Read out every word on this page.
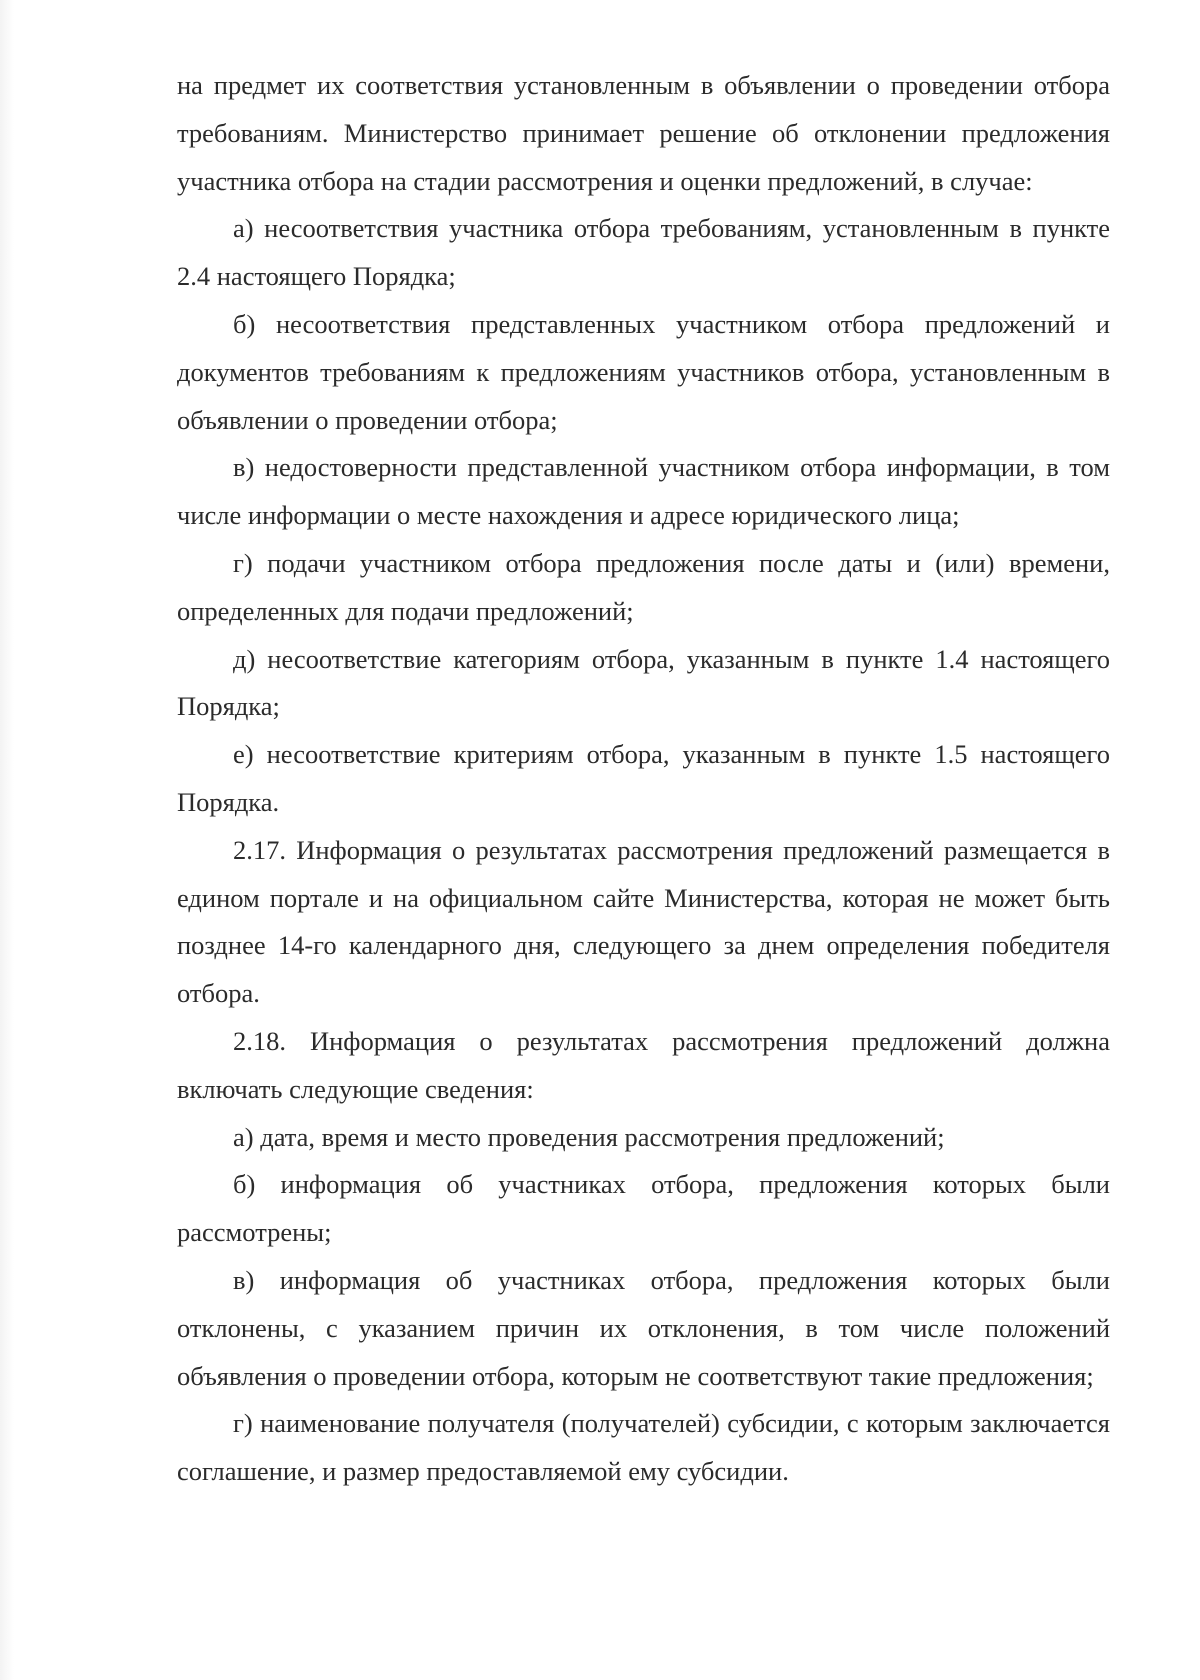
на предмет их соответствия установленным в объявлении о проведении отбора требованиям. Министерство принимает решение об отклонении предложения участника отбора на стадии рассмотрения и оценки предложений, в случае:

а) несоответствия участника отбора требованиям, установленным в пункте 2.4 настоящего Порядка;

б) несоответствия представленных участником отбора предложений и документов требованиям к предложениям участников отбора, установленным в объявлении о проведении отбора;

в) недостоверности представленной участником отбора информации, в том числе информации о месте нахождения и адресе юридического лица;

г) подачи участником отбора предложения после даты и (или) времени, определенных для подачи предложений;

д) несоответствие категориям отбора, указанным в пункте 1.4 настоящего Порядка;

е) несоответствие критериям отбора, указанным в пункте 1.5 настоящего Порядка.

2.17. Информация о результатах рассмотрения предложений размещается в едином портале и на официальном сайте Министерства, которая не может быть позднее 14-го календарного дня, следующего за днем определения победителя отбора.

2.18. Информация о результатах рассмотрения предложений должна включать следующие сведения:

а) дата, время и место проведения рассмотрения предложений;

б) информация об участниках отбора, предложения которых были рассмотрены;

в) информация об участниках отбора, предложения которых были отклонены, с указанием причин их отклонения, в том числе положений объявления о проведении отбора, которым не соответствуют такие предложения;

г) наименование получателя (получателей) субсидии, с которым заключается соглашение, и размер предоставляемой ему субсидии.
